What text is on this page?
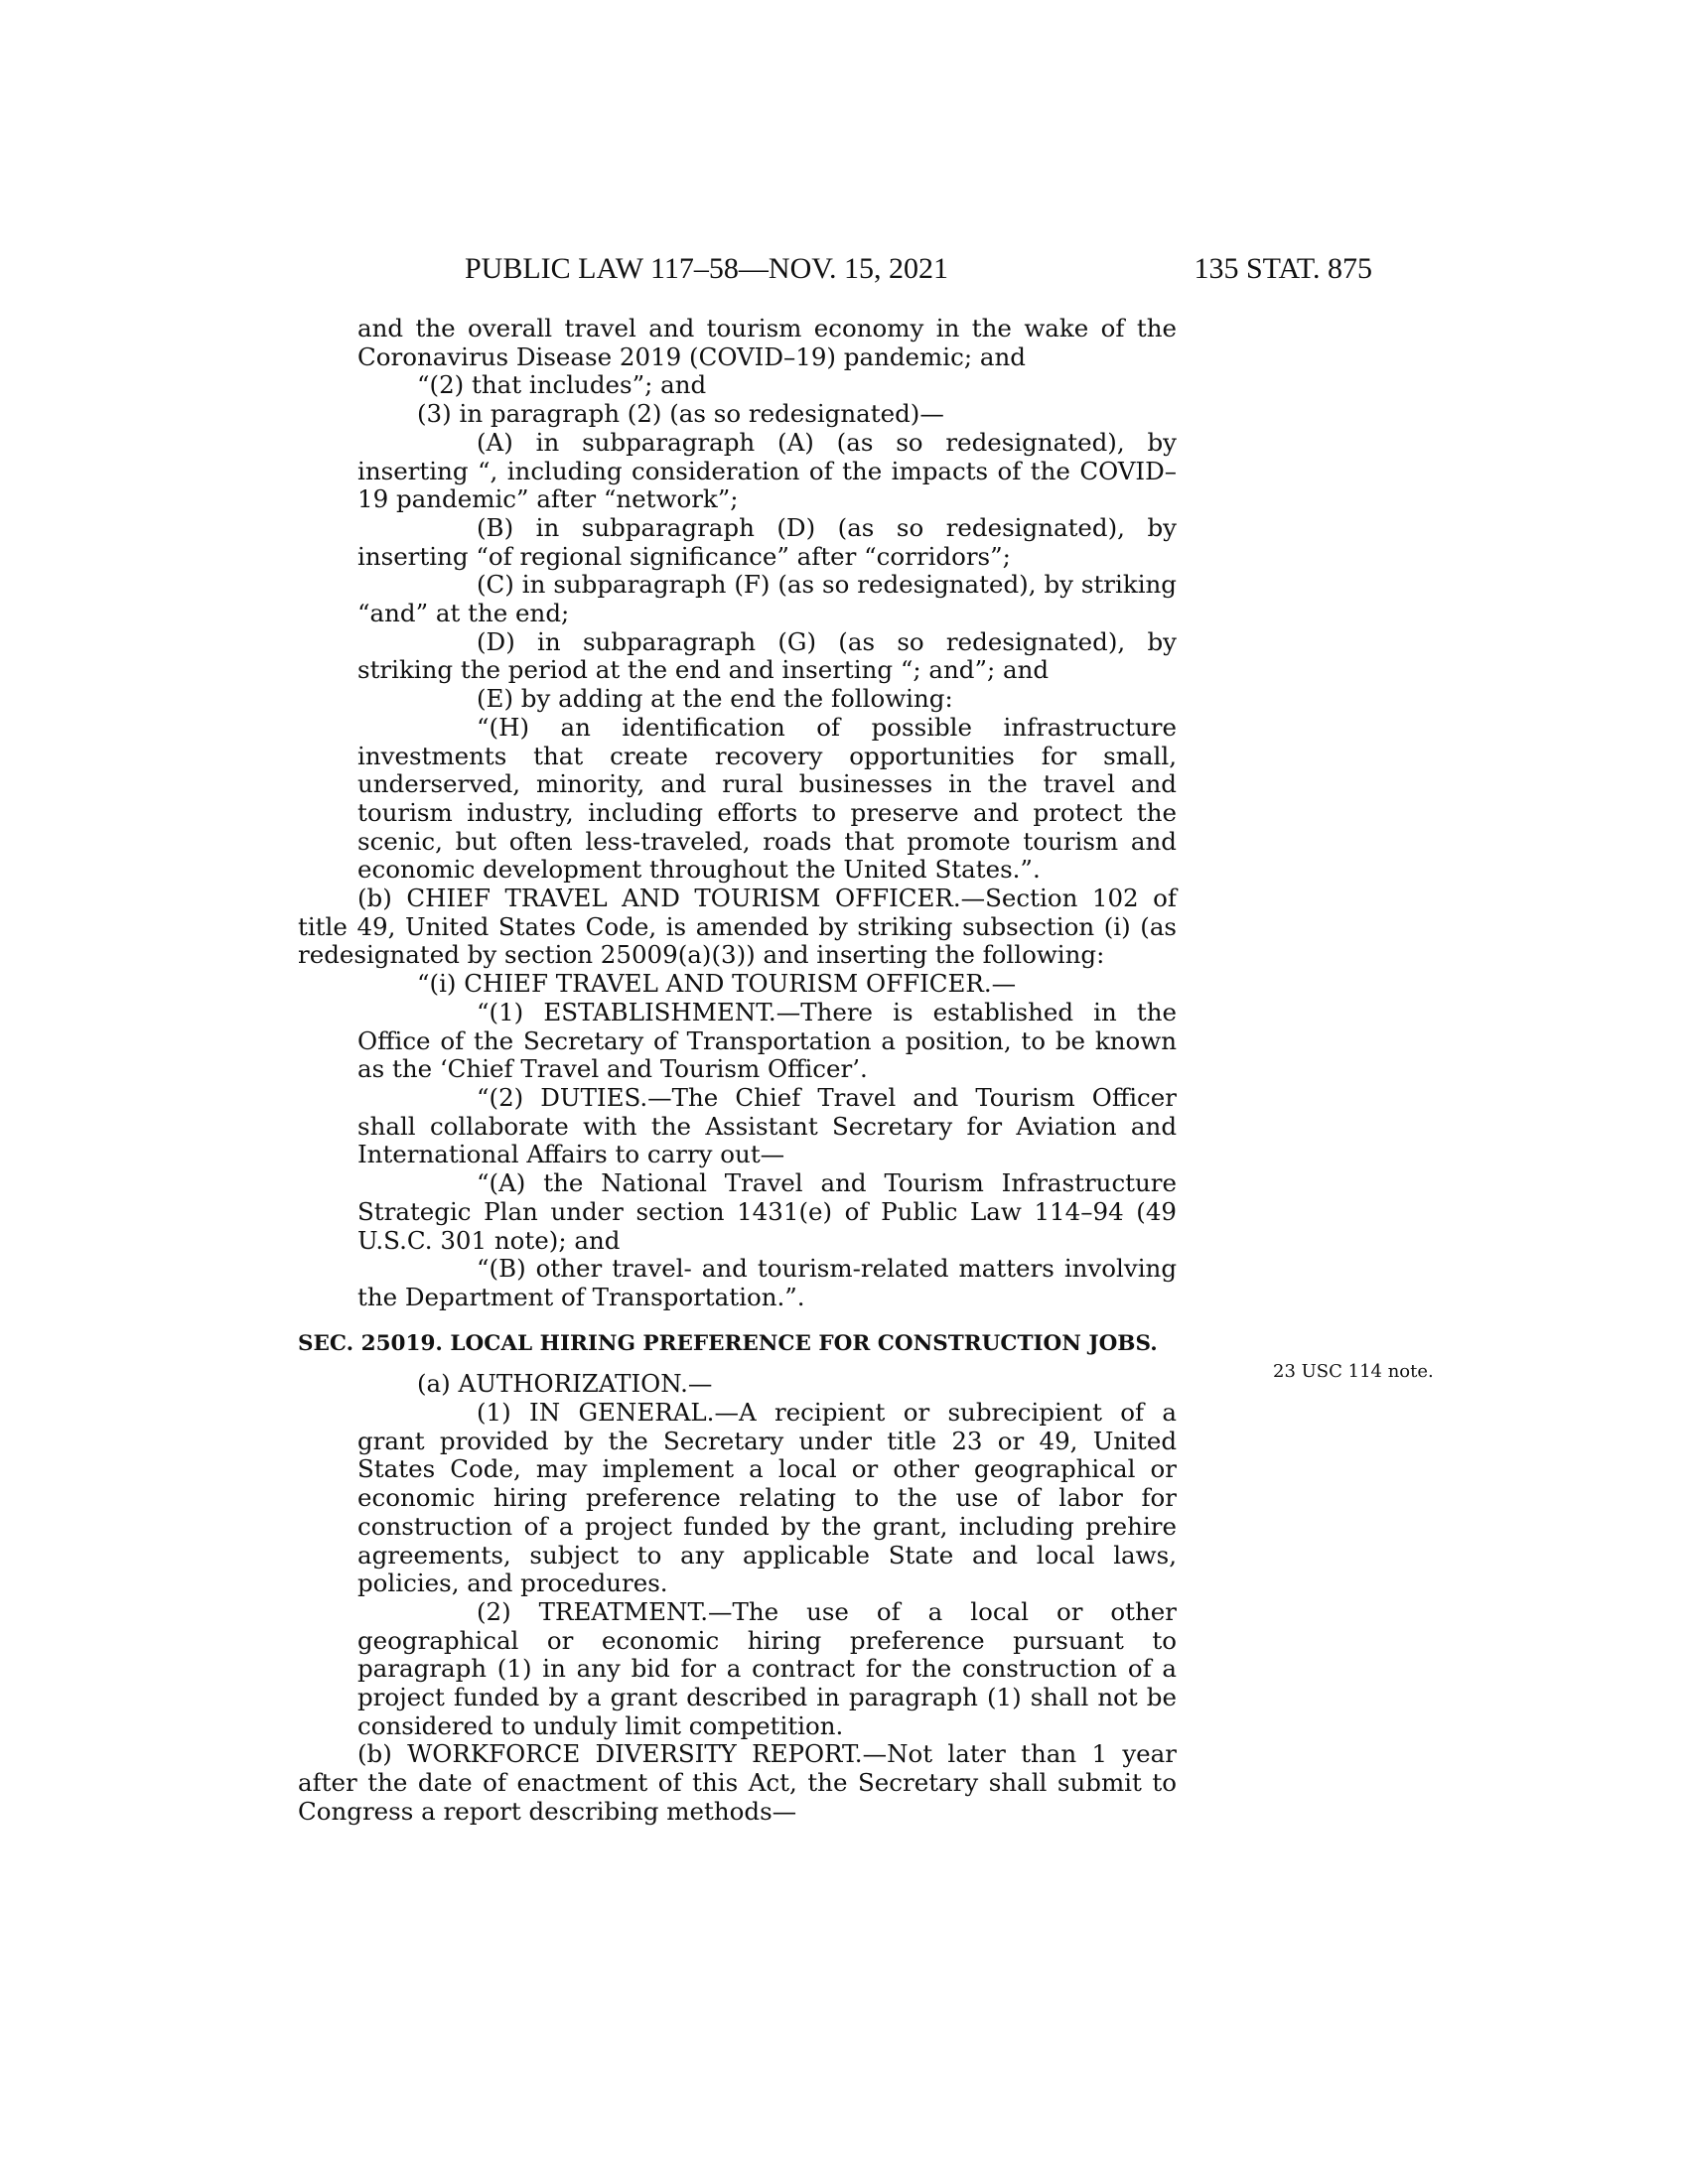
PUBLIC LAW 117–58—NOV. 15, 2021	135 STAT. 875
23 USC 114 note.
and the overall travel and tourism economy in the wake of the Coronavirus Disease 2019 (COVID–19) pandemic; and
“(2) that includes”; and
(3) in paragraph (2) (as so redesignated)—
(A) in subparagraph (A) (as so redesignated), by inserting “, including consideration of the impacts of the COVID–19 pandemic” after “network”;
(B) in subparagraph (D) (as so redesignated), by inserting “of regional significance” after “corridors”;
(C) in subparagraph (F) (as so redesignated), by striking “and” at the end;
(D) in subparagraph (G) (as so redesignated), by striking the period at the end and inserting “; and”; and
(E) by adding at the end the following:
“(H) an identification of possible infrastructure investments that create recovery opportunities for small, underserved, minority, and rural businesses in the travel and tourism industry, including efforts to preserve and protect the scenic, but often less-traveled, roads that promote tourism and economic development throughout the United States.”.
(b) CHIEF TRAVEL AND TOURISM OFFICER.—Section 102 of title 49, United States Code, is amended by striking subsection (i) (as redesignated by section 25009(a)(3)) and inserting the following:
“(i) CHIEF TRAVEL AND TOURISM OFFICER.—
“(1) ESTABLISHMENT.—There is established in the Office of the Secretary of Transportation a position, to be known as the ‘Chief Travel and Tourism Officer’.
“(2) DUTIES.—The Chief Travel and Tourism Officer shall collaborate with the Assistant Secretary for Aviation and International Affairs to carry out—
“(A) the National Travel and Tourism Infrastructure Strategic Plan under section 1431(e) of Public Law 114–94 (49 U.S.C. 301 note); and
“(B) other travel- and tourism-related matters involving the Department of Transportation.”.
SEC. 25019. LOCAL HIRING PREFERENCE FOR CONSTRUCTION JOBS.
(a) AUTHORIZATION.—
(1) IN GENERAL.—A recipient or subrecipient of a grant provided by the Secretary under title 23 or 49, United States Code, may implement a local or other geographical or economic hiring preference relating to the use of labor for construction of a project funded by the grant, including prehire agreements, subject to any applicable State and local laws, policies, and procedures.
(2) TREATMENT.—The use of a local or other geographical or economic hiring preference pursuant to paragraph (1) in any bid for a contract for the construction of a project funded by a grant described in paragraph (1) shall not be considered to unduly limit competition.
(b) WORKFORCE DIVERSITY REPORT.—Not later than 1 year after the date of enactment of this Act, the Secretary shall submit to Congress a report describing methods—
